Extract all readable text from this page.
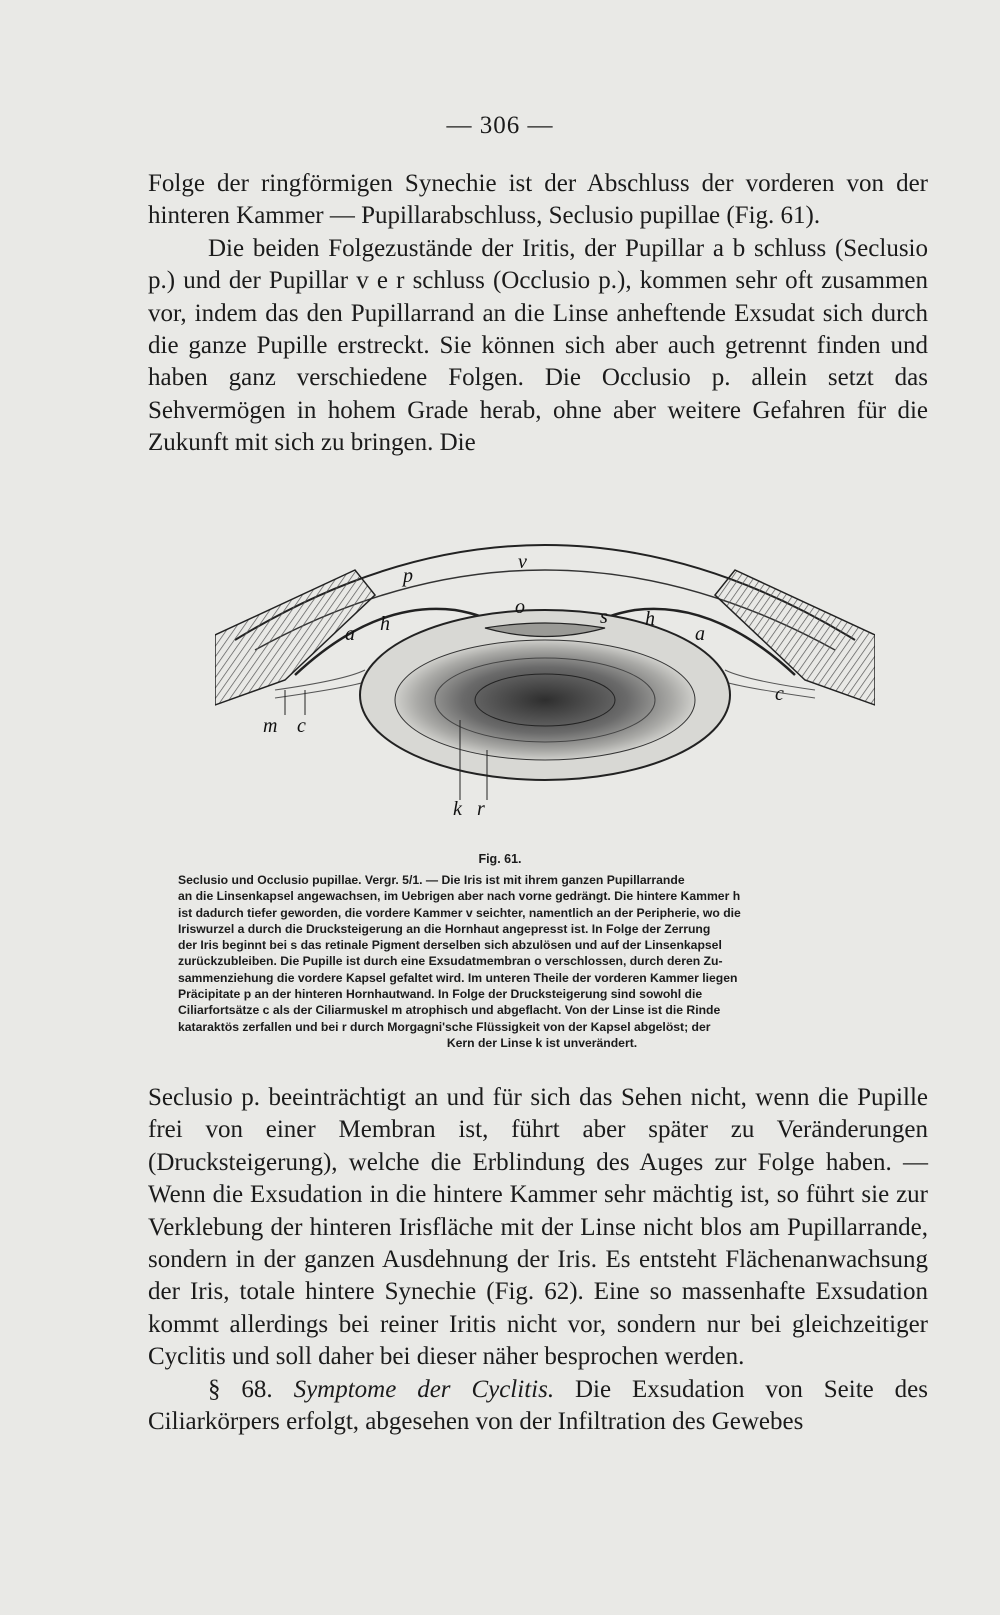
— 306 —

Folge der ringförmigen Synechie ist der Abschluss der vorderen von der hinteren Kammer — Pupillarabschluss, Seclusio pupillae (Fig. 61).

Die beiden Folgezustände der Iritis, der Pupillar a b schluss (Seclusio p.) und der Pupillar v e r schluss (Occlusio p.), kommen sehr oft zusammen vor, indem das den Pupillarrand an die Linse anheftende Exsudat sich durch die ganze Pupille erstreckt. Sie können sich aber auch getrennt finden und haben ganz verschiedene Folgen. Die Occlusio p. allein setzt das Sehvermögen in hohem Grade herab, ohne aber weitere Gefahren für die Zukunft mit sich zu bringen. Die

v
p
o	s
h	h
a	a
m c
c
k r
Fig. 61.

Seclusio und Occlusio pupillae. Vergr. 5/1. — Die Iris ist mit ihrem ganzen Pupillarrande

an die Linsenkapsel angewachsen, im Uebrigen aber nach vorne gedrängt. Die hintere Kammer h

ist dadurch tiefer geworden, die vordere Kammer v seichter, namentlich an der Peripherie, wo die

Iriswurzel a durch die Drucksteigerung an die Hornhaut angepresst ist. In Folge der Zerrung

der Iris beginnt bei s das retinale Pigment derselben sich abzulösen und auf der Linsenkapsel

zurückzubleiben. Die Pupille ist durch eine Exsudatmembran o verschlossen, durch deren Zu-

sammenziehung die vordere Kapsel gefaltet wird. Im unteren Theile der vorderen Kammer liegen

Präcipitate p an der hinteren Hornhautwand. In Folge der Drucksteigerung sind sowohl die

Ciliarfortsätze c als der Ciliarmuskel m atrophisch und abgeflacht. Von der Linse ist die Rinde

kataraktös zerfallen und bei r durch Morgagni'sche Flüssigkeit von der Kapsel abgelöst; der

Kern der Linse k ist unverändert.

Seclusio p. beeinträchtigt an und für sich das Sehen nicht, wenn die Pupille frei von einer Membran ist, führt aber später zu Veränderungen (Drucksteigerung), welche die Erblindung des Auges zur Folge haben. — Wenn die Exsudation in die hintere Kammer sehr mächtig ist, so führt sie zur Verklebung der hinteren Irisfläche mit der Linse nicht blos am Pupillarrande, sondern in der ganzen Ausdehnung der Iris. Es entsteht Flächenanwachsung der Iris, totale hintere Synechie (Fig. 62). Eine so massenhafte Exsudation kommt allerdings bei reiner Iritis nicht vor, sondern nur bei gleichzeitiger Cyclitis und soll daher bei dieser näher besprochen werden.

§ 68. Symptome der Cyclitis. Die Exsudation von Seite des Ciliarkörpers erfolgt, abgesehen von der Infiltration des Gewebes
